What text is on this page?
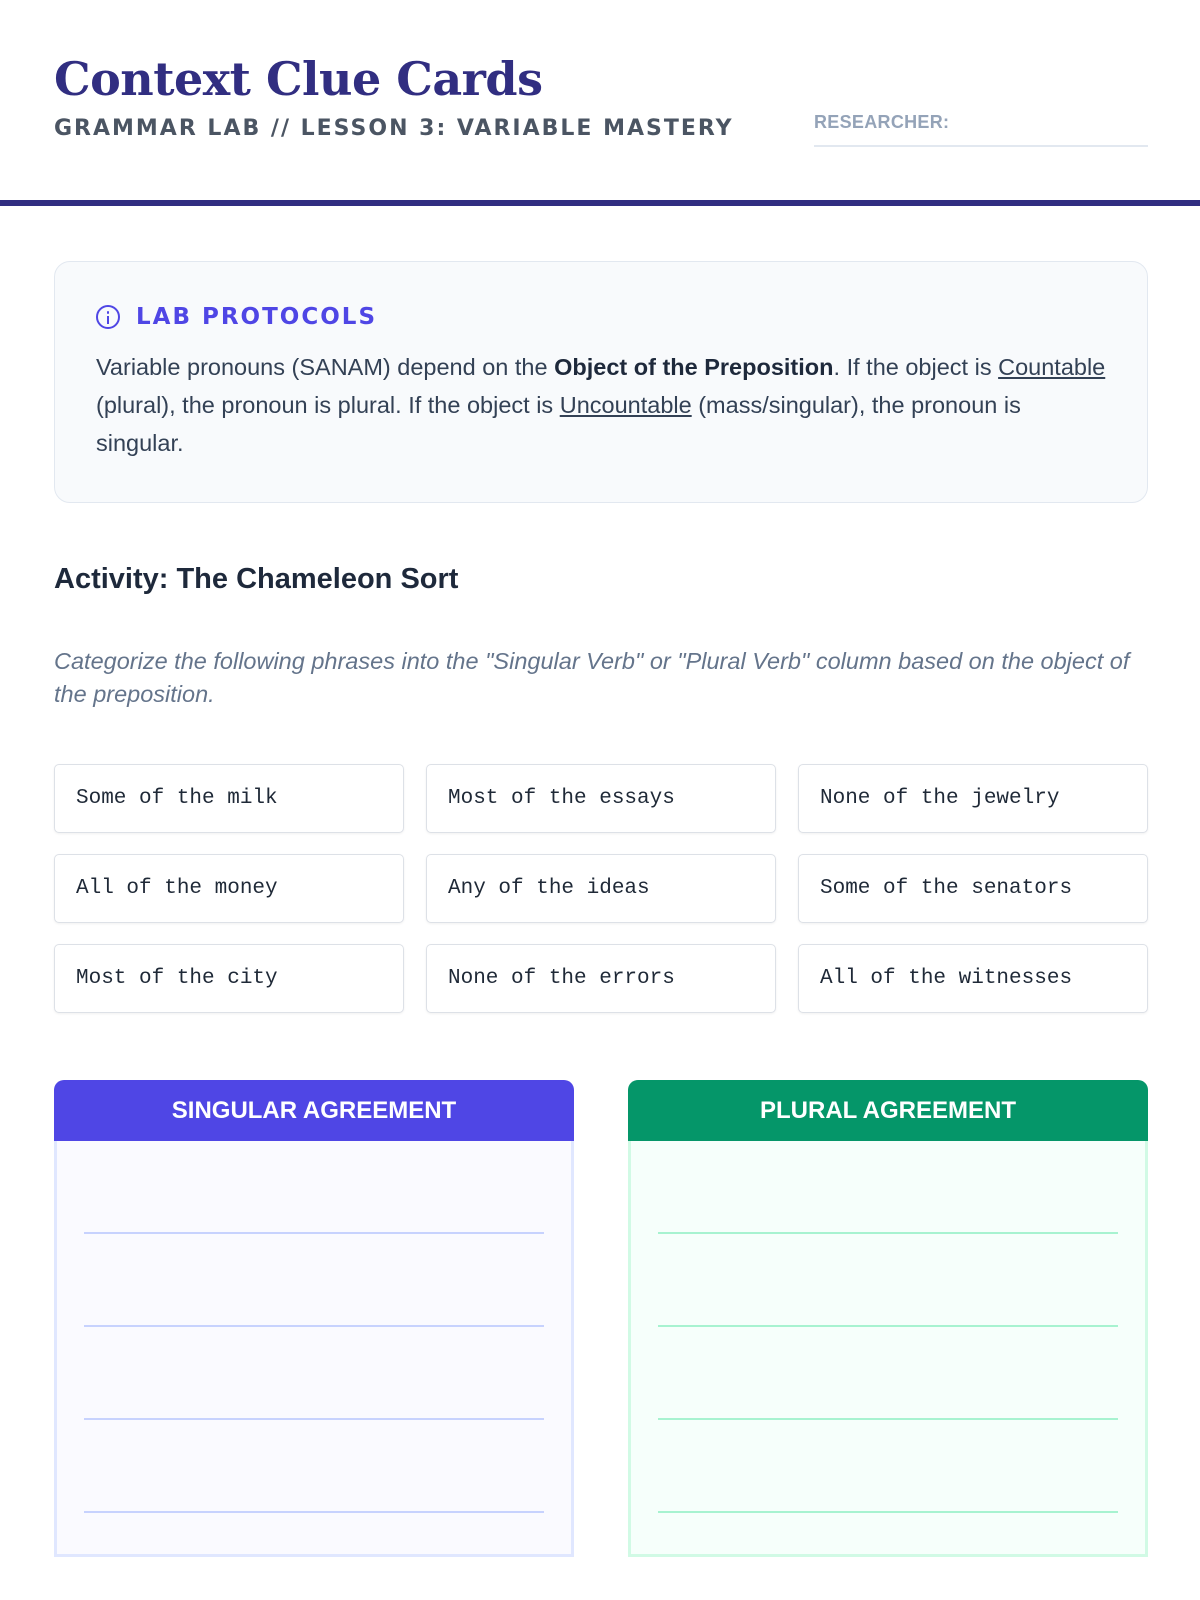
Context Clue Cards
GRAMMAR LAB // LESSON 3: VARIABLE MASTERY	RESEARCHER:
LAB PROTOCOLS

Variable pronouns (SANAM) depend on the Object of the Preposition. If the object is Countable (plural), the pronoun is plural. If the object is Uncountable (mass/singular), the pronoun is singular.

Activity: The Chameleon Sort

Categorize the following phrases into the "Singular Verb" or "Plural Verb" column based on the object of the preposition.

Some of the milk	Most of the essays	None of the jewelry
All of the money	Any of the ideas	Some of the senators
Most of the city	None of the errors	All of the witnesses
SINGULAR AGREEMENT	PLURAL AGREEMENT
